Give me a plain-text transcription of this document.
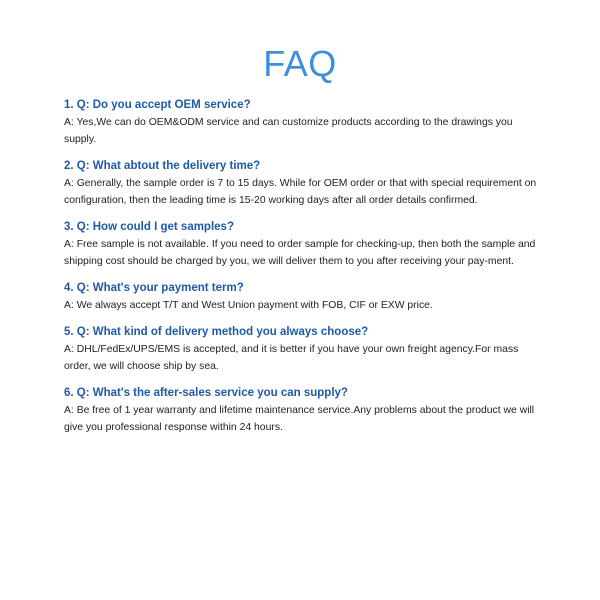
FAQ
1. Q: Do you accept OEM service?
A: Yes,We can do OEM&ODM service and can customize products according to the drawings you supply.
2. Q: What abtout the delivery time?
A: Generally, the sample order is 7 to 15 days. While for OEM order or that with special requirement on configuration, then the leading time is 15-20 working days after all order details confirmed.
3. Q: How could I get samples?
A: Free sample is not available. If you need to order sample for checking-up, then both the sample and shipping cost should be charged by you, we will deliver them to you after receiving your pay-ment.
4. Q: What's your payment term?
A: We always accept T/T and West Union payment with FOB, CIF or EXW price.
5. Q: What kind of delivery method you always choose?
A: DHL/FedEx/UPS/EMS is accepted, and it is better if you have your own freight agency.For mass order, we will choose ship by sea.
6. Q: What's the after-sales service you can supply?
A: Be free of 1 year warranty and lifetime maintenance service.Any problems about the product we will give you professional response within 24 hours.
